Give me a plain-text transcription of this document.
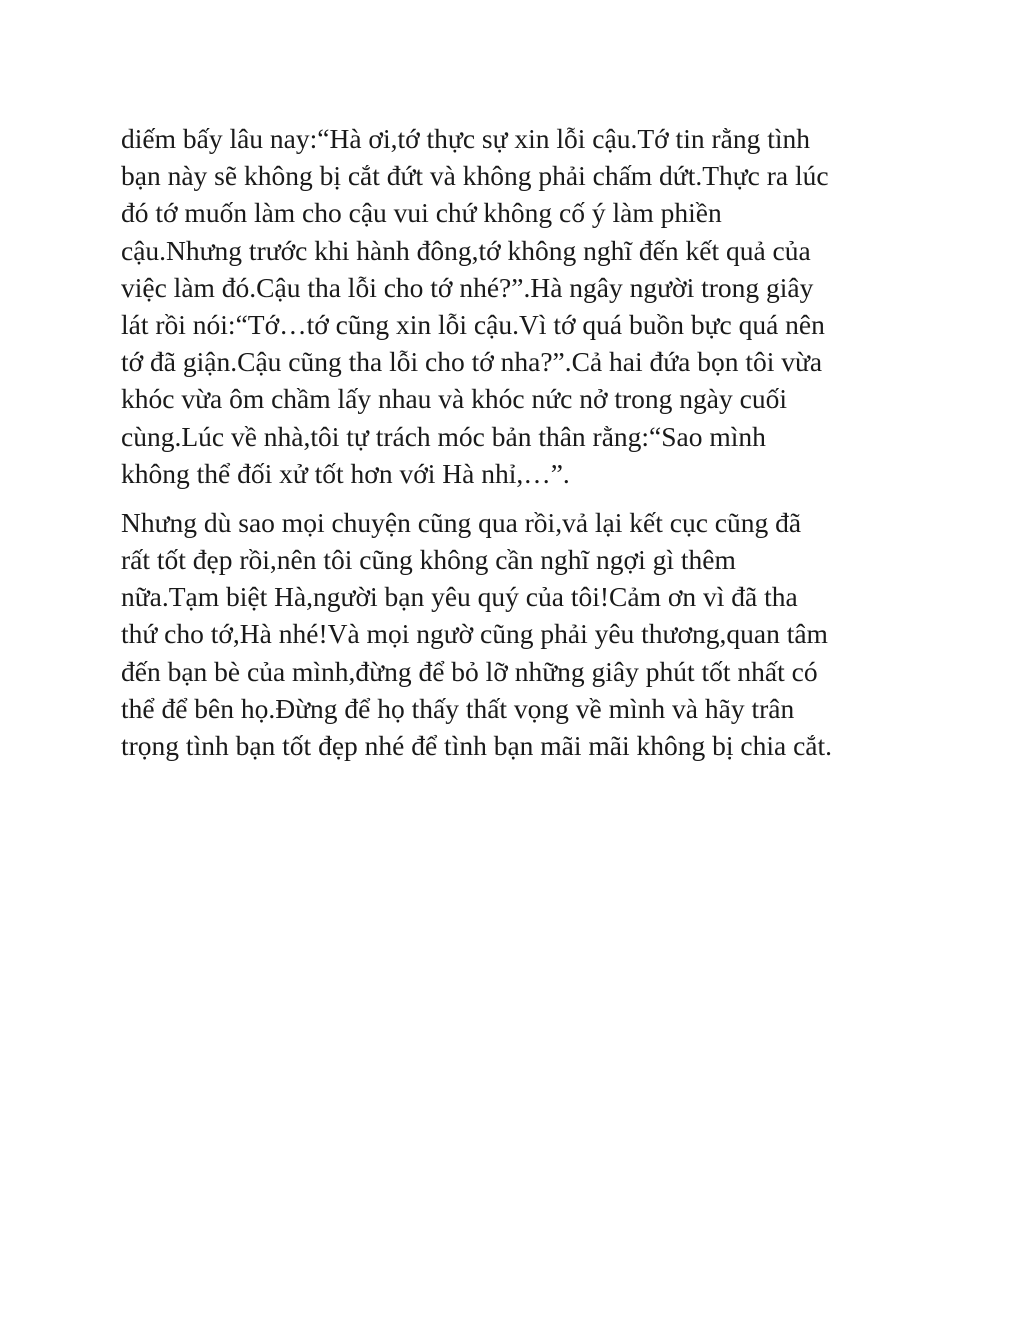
diếm bấy lâu nay:“Hà ơi,tớ thực sự xin lỗi cậu.Tớ tin rằng tình
bạn này sẽ không bị cắt đứt và không phải chấm dứt.Thực ra lúc
đó tớ muốn làm cho cậu vui chứ không cố ý làm phiền
cậu.Nhưng trước khi hành đông,tớ không nghĩ đến kết quả của
việc làm đó.Cậu tha lỗi cho tớ nhé?”.Hà ngây người trong giây
lát rồi nói:“Tớ…tớ cũng xin lỗi cậu.Vì tớ quá buồn bực quá nên
tớ đã giận.Cậu cũng tha lỗi cho tớ nha?”.Cả hai đứa bọn tôi vừa
khóc vừa ôm chầm lấy nhau và khóc nức nở trong ngày cuối
cùng.Lúc về nhà,tôi tự trách móc bản thân rằng:“Sao mình
không thể đối xử tốt hơn với Hà nhỉ,…”.

Nhưng dù sao mọi chuyện cũng qua rồi,vả lại kết cục cũng đã
rất tốt đẹp rồi,nên tôi cũng không cần nghĩ ngợi gì thêm
nữa.Tạm biệt Hà,người bạn yêu quý của tôi!Cảm ơn vì đã tha
thứ cho tớ,Hà nhé!Và mọi ngườ cũng phải yêu thương,quan tâm
đến bạn bè của mình,đừng để bỏ lỡ những giây phút tốt nhất có
thể để bên họ.Đừng để họ thấy thất vọng về mình và hãy trân
trọng tình bạn tốt đẹp nhé để tình bạn mãi mãi không bị chia cắt.
